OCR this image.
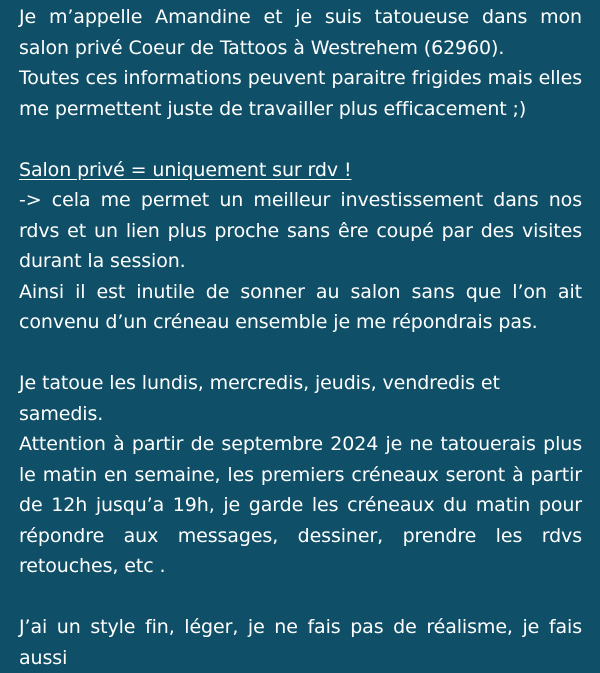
Je m’appelle Amandine et je suis tatoueuse dans mon salon privé Coeur de Tattoos à Westrehem (62960).

Toutes ces informations peuvent paraitre frigides mais elles me permettent juste de travailler plus efficacement ;)

Salon privé = uniquement sur rdv !

-> cela me permet un meilleur investissement dans nos rdvs et un lien plus proche sans êre coupé par des visites durant la session.

Ainsi il est inutile de sonner au salon sans que l’on ait convenu d’un créneau ensemble je me répondrais pas.

Je tatoue les lundis, mercredis, jeudis, vendredis et samedis.

Attention à partir de septembre 2024 je ne tatouerais plus le matin en semaine, les premiers créneaux seront à partir de 12h jusqu’a 19h, je garde les créneaux du matin pour répondre aux messages, dessiner, prendre les rdvs retouches, etc .

J’ai un style fin, léger, je ne fais pas de réalisme, je fais aussi
